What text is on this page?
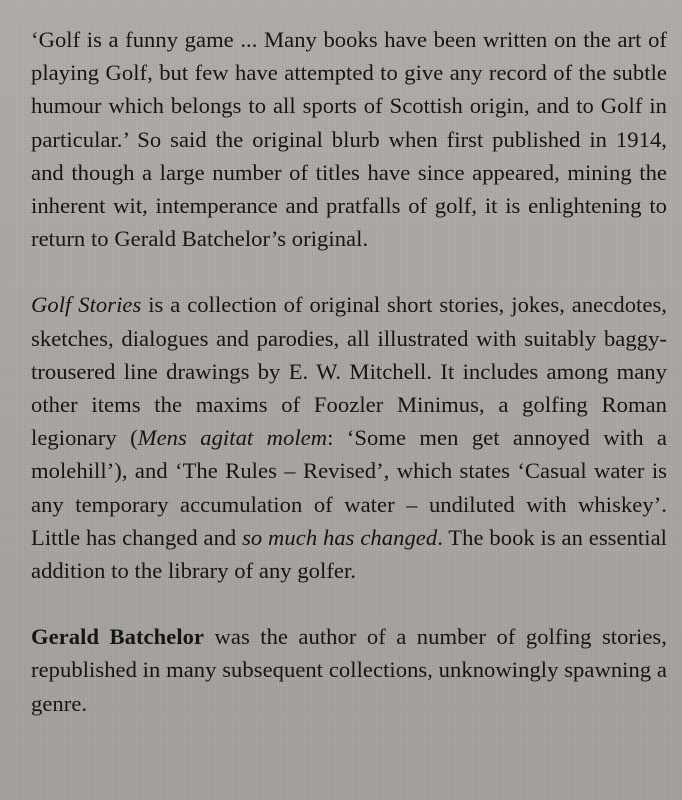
‘Golf is a funny game ... Many books have been written on the art of playing Golf, but few have attempted to give any record of the subtle humour which belongs to all sports of Scottish origin, and to Golf in particular.’ So said the original blurb when first published in 1914, and though a large number of titles have since appeared, mining the inherent wit, intemperance and pratfalls of golf, it is enlightening to return to Gerald Batchelor’s original.

Golf Stories is a collection of original short stories, jokes, anecdotes, sketches, dialogues and parodies, all illustrated with suitably baggy-trousered line drawings by E. W. Mitchell. It includes among many other items the maxims of Foozler Minimus, a golfing Roman legionary (Mens agitat molem: ‘Some men get annoyed with a molehill’), and ‘The Rules – Revised’, which states ‘Casual water is any temporary accumulation of water – undiluted with whiskey’. Little has changed and so much has changed. The book is an essential addition to the library of any golfer.

Gerald Batchelor was the author of a number of golfing stories, republished in many subsequent collections, unknowingly spawning a genre.
